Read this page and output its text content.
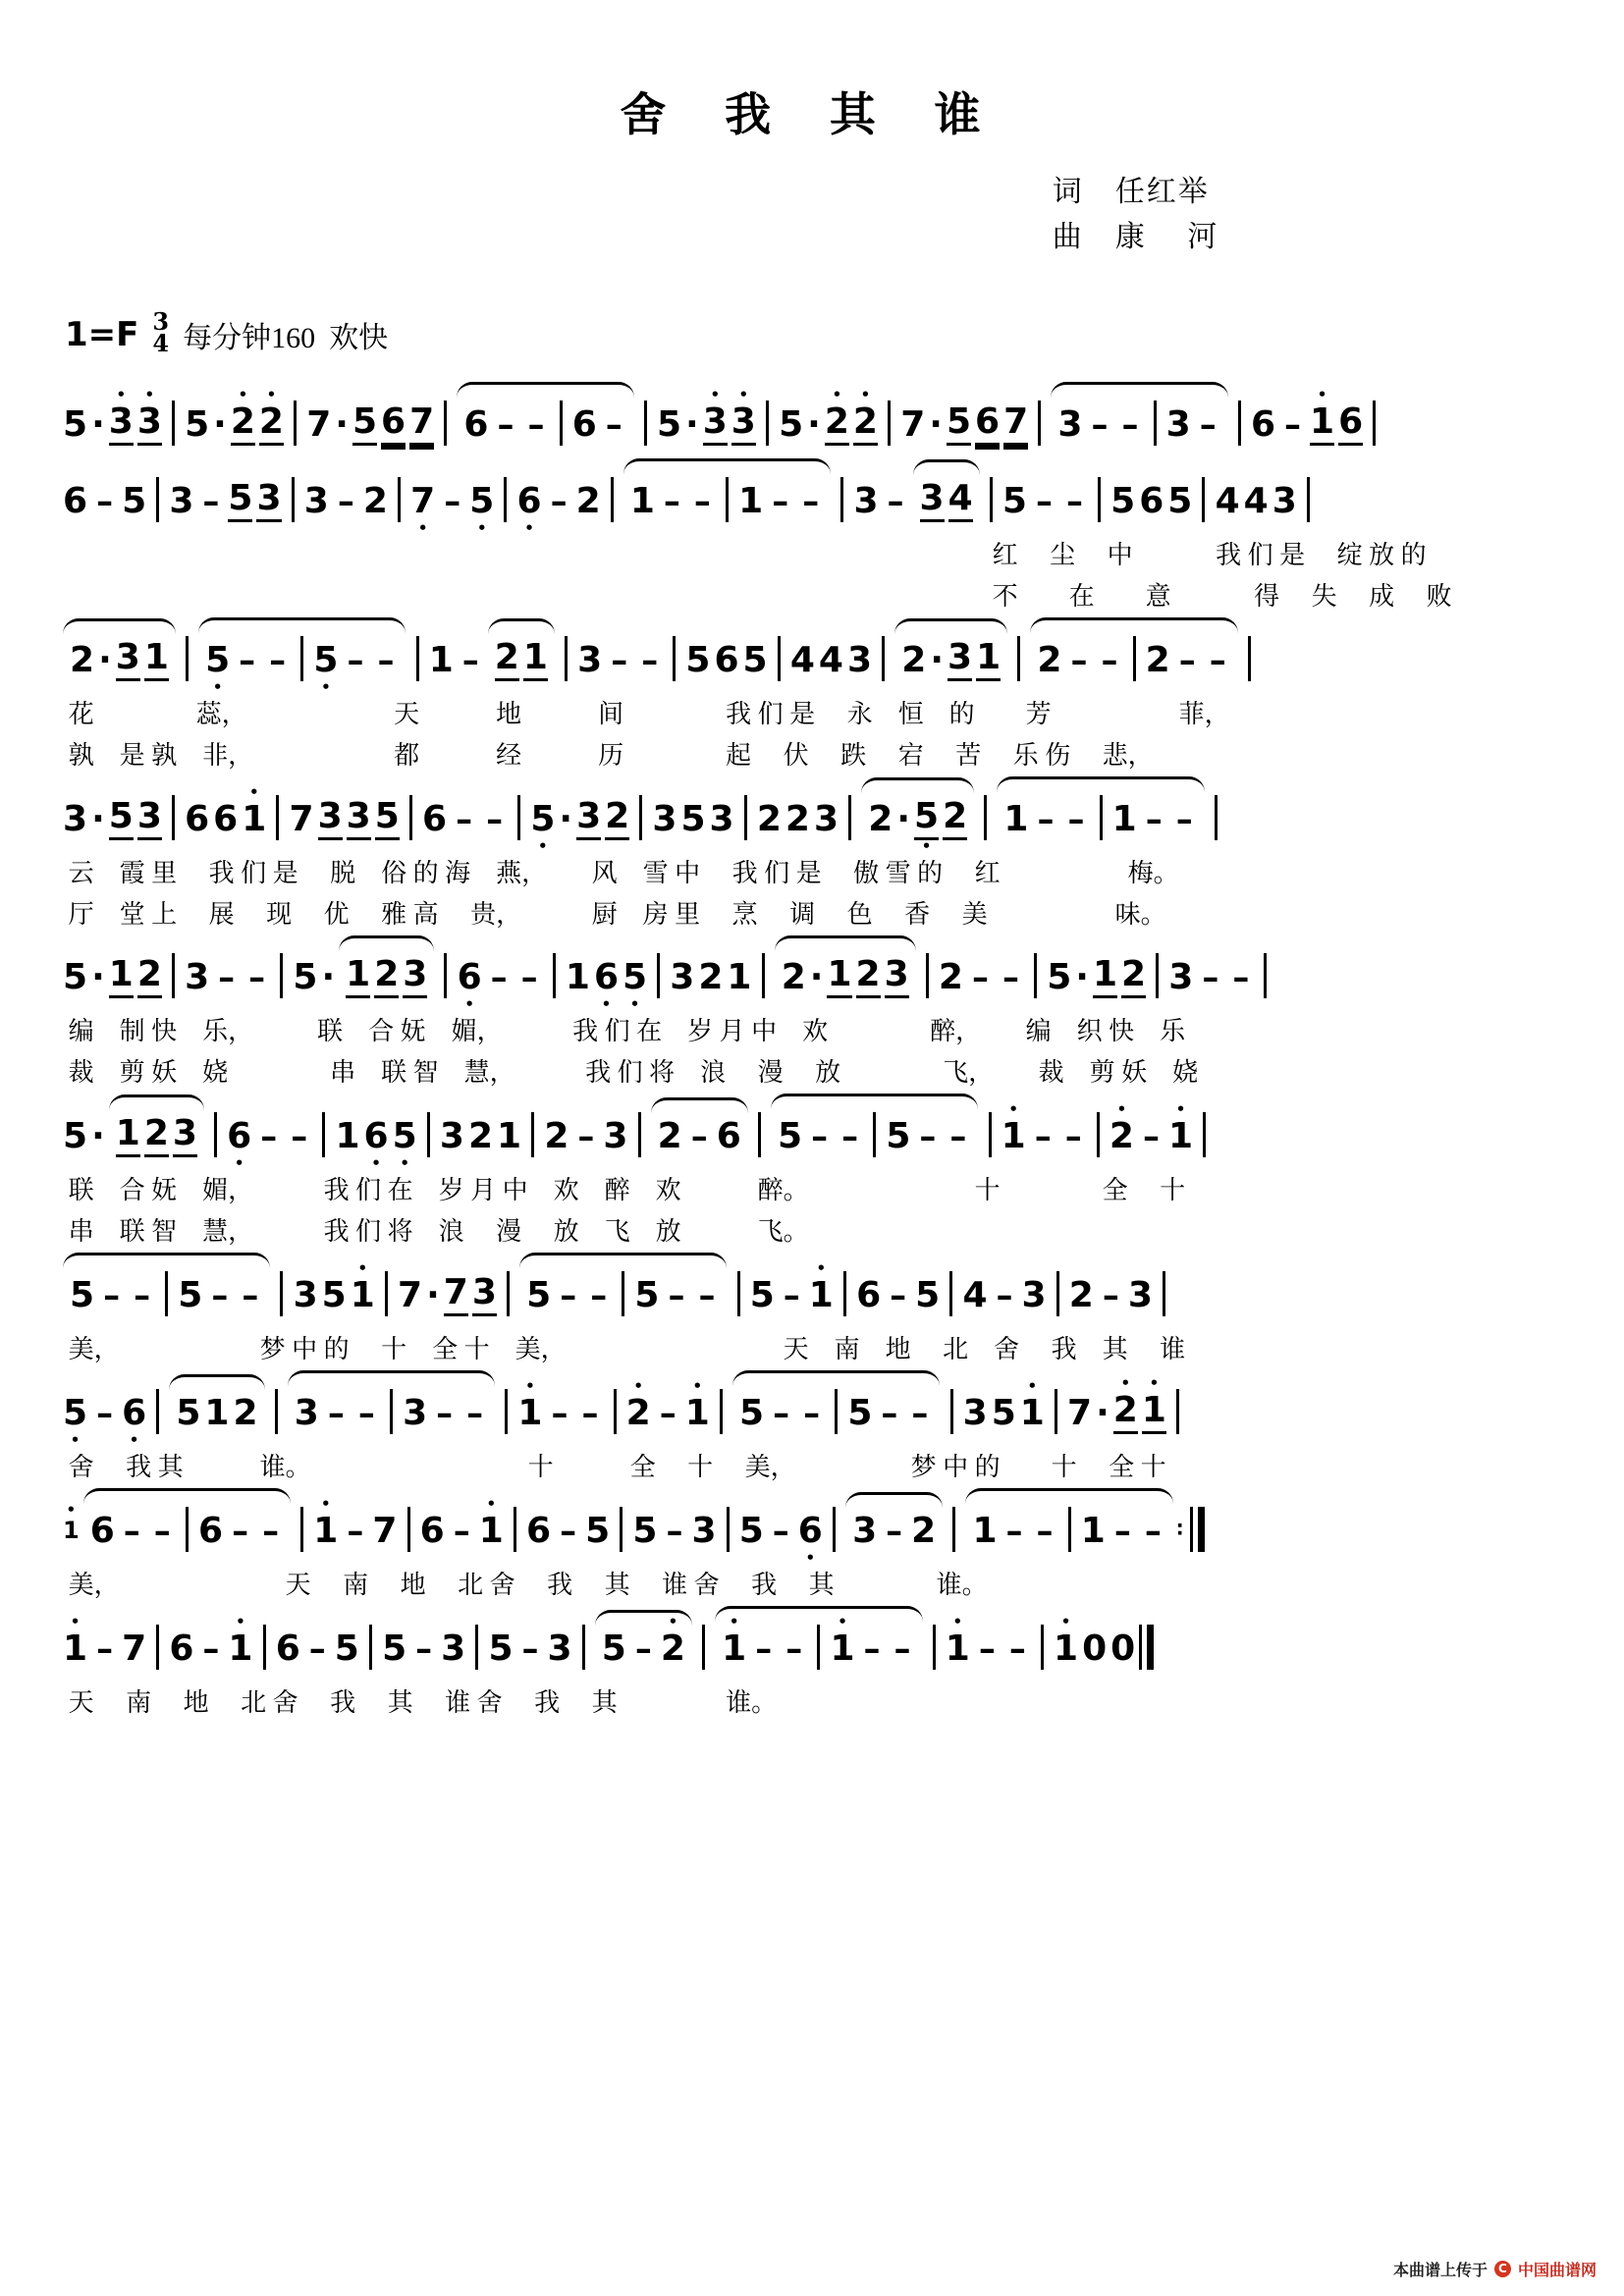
舍 我 其 谁
词　任红举
曲　康　 河
1=F 3
4 每分钟160 欢快

5

·

•
3

•
3

5

·

•
2

•
2

7

·

5

6

7

6

–

–

6

–

5

·

•
3

•
3

5

·

•
2

•
2

7

·

5

6

7

3

–

–

3

–

6

–

•
1

6

6

–

5

3

–

5

3

3

–

2

7
•

–

5
•

6
•

–

2

1

–

–

1

–

–

3

–

3

4

5

–

–

5

6

5

4

4

3

红　 尘　 中　　　 我 们 是　 绽 放 的不　　在　　意　　　 得　 失　 成　 败

2

·

3

1

5
•

–

–

5
•

–

–

1

–

2

1

3

–

–

5

6

5

4

4

3

2

·

3

1

2

–

–

2

–

–

花　　　　蕊，　　　　　　 天　　　地　　　间　　　　我 们 是　 永　恒　的　　芳　　　　　菲，孰　是 孰　非，　　　　　　都　　　经　　　历　　　　起　 伏　 跌　 宕　 苦　 乐 伤　 悲，

3

·

5

3

6

6

•
1

7

3

3

5

6

–

–

5
•

·

3

2

3

5

3

2

2

3

2

·

5
•

2

1

–

–

1

–

–

云　霞 里　 我 们 是　 脱　俗 的 海　燕，　　 风　雪 中　 我 们 是　 傲 雪 的　 红　　　　　梅。厅　堂 上　 展　 现　 优　 雅 高　 贵，　　　 厨　房 里　 烹　 调　 色　 香　 美　　　　　味。

5

·

1

2

3

–

–

5

·

1

2

3

6
•

–

–

1

6
•

5
•

3

2

1

2

·

1

2

3

2

–

–

5

·

1

2

3

–

–

编　制 快　乐，　　　联　合 妩　媚，　　　 我 们 在　岁 月 中　欢　　　　醉，　　 编　织 快　乐裁　剪 妖　娆　　　　串　联 智　慧，　　　 我 们 将　浪　 漫　 放　　　　飞，　　 裁　剪 妖　娆

5

·

1

2

3

6
•

–

–

1

6
•

5
•

3

2

1

2

–

3

2

–

6

5

–

–

5

–

–

•
1

–

–

•
2

–

•
1

联　合 妩　媚，　　　 我 们 在　岁 月 中　欢　醉　欢　　　醉。　　　　　　　十　　　　全　 十串　联 智　慧，　　　 我 们 将　浪　 漫　 放　飞　放　　　飞。

5

–

–

5

–

–

3

5

•
1

7

·

7

3

5

–

–

5

–

–

5

–

•
1

6

–

5

4

–

3

2

–

3

美，　　　　　　梦 中 的　 十　全 十　美，　　　　　　　　　天　南　地　 北　舍　 我　其　 谁

5
•

–

6
•

5

1

2

3

–

–

3

–

–

•
1

–

–

•
2

–

•
1

5

–

–

5

–

–

3

5

•
1

7

·

•
2

•
1

舍　 我 其　　　谁。　　　　　　　　　十　　　全　 十　 美，　　　　　梦 中 的　　十　 全 十
•
1

6

–

–

6

–

–

•
1

–

7

6

–

•
1

6

–

5

5

–

3

5

–

6
•

3

–

2

1

–

–

1

–

–

∶

美，　　　　　　　天　 南　 地　 北 舍　 我　 其　 谁 舍　 我　 其　　　　谁。
•
1

–

7

6

–

•
1

6

–

5

5

–

3

5

–

3

5

–

•
2

•
1

–

–

•
1

–

–

•
1

–

–

•
1

0

0

天　 南　 地　 北 舍　 我　 其　 谁 舍　 我　 其　　　　 谁。
本曲谱上传于 C 中国曲谱网
